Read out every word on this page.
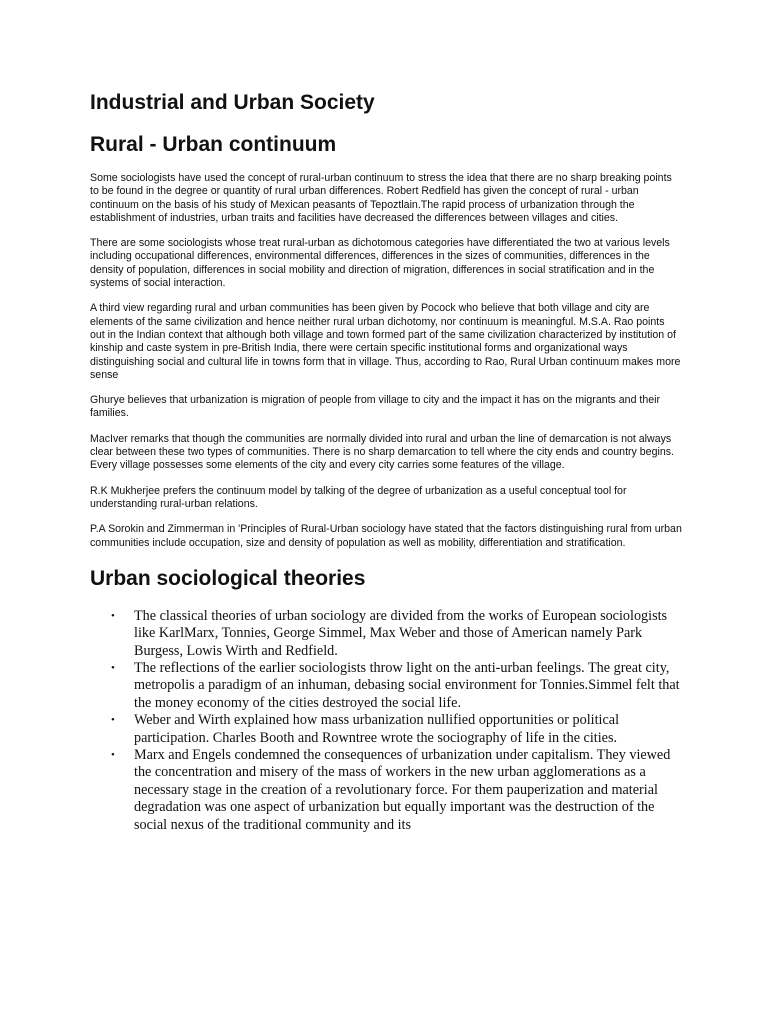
Industrial and Urban Society
Rural - Urban continuum

Some sociologists have used the concept of rural-urban continuum to stress the idea that there are no sharp breaking points to be found in the degree or quantity of rural urban differences. Robert Redfield has given the concept of rural - urban continuum on the basis of his study of Mexican peasants of Tepoztlain.The rapid process of urbanization through the establishment of industries, urban traits and facilities have decreased the differences between villages and cities.

There are some sociologists whose treat rural-urban as dichotomous categories have differentiated the two at various levels including occupational differences, environmental differences, differences in the sizes of communities, differences in the density of population, differences in social mobility and direction of migration, differences in social stratification and in the systems of social interaction.

A third view regarding rural and urban communities has been given by Pocock who believe that both village and city are elements of the same civilization and hence neither rural urban dichotomy, nor continuum is meaningful. M.S.A. Rao points out in the Indian context that although both village and town formed part of the same civilization characterized by institution of kinship and caste system in pre-British India, there were certain specific institutional forms and organizational ways distinguishing social and cultural life in towns form that in village. Thus, according to Rao, Rural Urban continuum makes more sense

Ghurye believes that urbanization is migration of people from village to city and the impact it has on the migrants and their families.

MacIver remarks that though the communities are normally divided into rural and urban the line of demarcation is not always clear between these two types of communities. There is no sharp demarcation to tell where the city ends and country begins. Every village possesses some elements of the city and every city carries some features of the village.

R.K Mukherjee prefers the continuum model by talking of the degree of urbanization as a useful conceptual tool for understanding rural-urban relations.

P.A Sorokin and Zimmerman in 'Principles of Rural-Urban sociology have stated that the factors distinguishing rural from urban communities include occupation, size and density of population as well as mobility, differentiation and stratification.

Urban sociological theories
• The classical theories of urban sociology are divided from the works of European sociologists like KarlMarx, Tonnies, George Simmel, Max Weber and those of American namely Park Burgess, Lowis Wirth and Redfield.
• The reflections of the earlier sociologists throw light on the anti-urban feelings. The great city, metropolis a paradigm of an inhuman, debasing social environment for Tonnies.Simmel felt that the money economy of the cities destroyed the social life.
• Weber and Wirth explained how mass urbanization nullified opportunities or political participation. Charles Booth and Rowntree wrote the sociography of life in the cities.
• Marx and Engels condemned the consequences of urbanization under capitalism. They viewed the concentration and misery of the mass of workers in the new urban agglomerations as a necessary stage in the creation of a revolutionary force. For them pauperization and material degradation was one aspect of urbanization but equally important was the destruction of the social nexus of the traditional community and its
